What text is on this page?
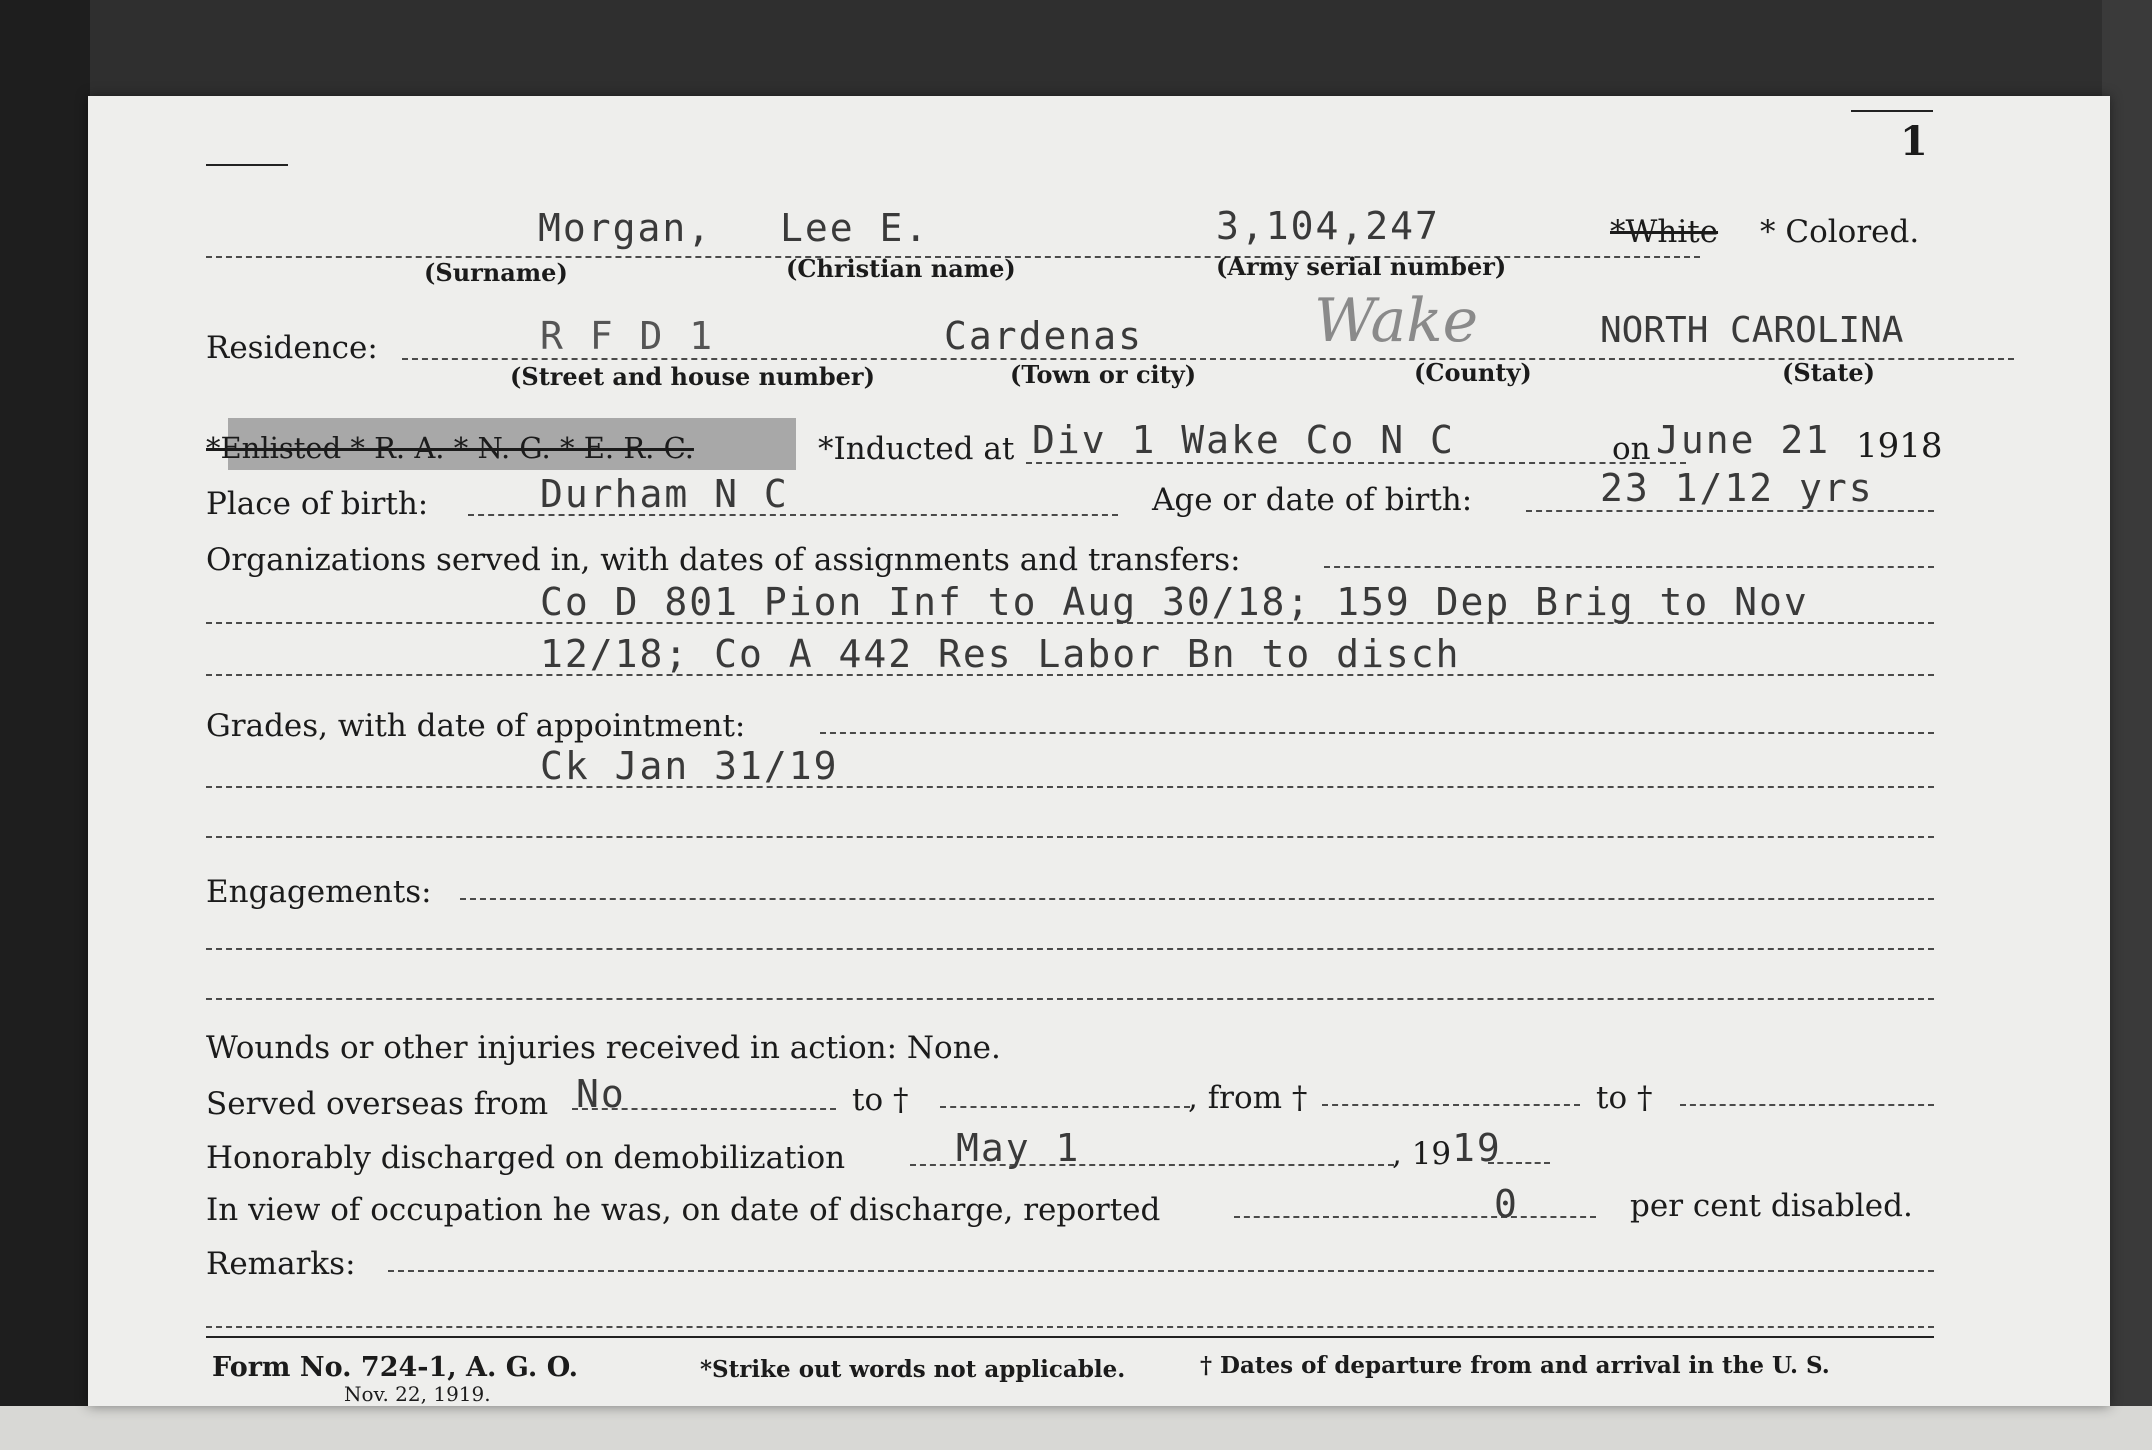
1
Morgan, Lee E.	3,104,247	*White * Colored.
(Surname)	(Christian name)	(Army serial number)
Residence:	R F D 1	Cardenas	Wake	NORTH CAROLINA
(Street and house number)	(Town or city)	(County)	(State)
*Enlisted * R. A. * N. G. * E. R. C.	*Inducted at Div 1 Wake Co N C	on June 21 1918
Place of birth:	Durham N C	Age or date of birth:	23 1/12 yrs
Organizations served in, with dates of assignments and transfers:
Co D 801 Pion Inf to Aug 30/18; 159 Dep Brig to Nov
12/18; Co A 442 Res Labor Bn to disch
Grades, with date of appointment:
Ck Jan 31/19
Engagements:
Wounds or other injuries received in action: None.
Served overseas from No	to †	, from †	to †
Honorably discharged on demobilization	May 1	, 19 19
In view of occupation he was, on date of discharge, reported	0	per cent disabled.
Remarks:
Form No. 724-1, A. G. O.
Nov. 22, 1919.
*Strike out words not applicable.	† Dates of departure from and arrival in the U. S.
